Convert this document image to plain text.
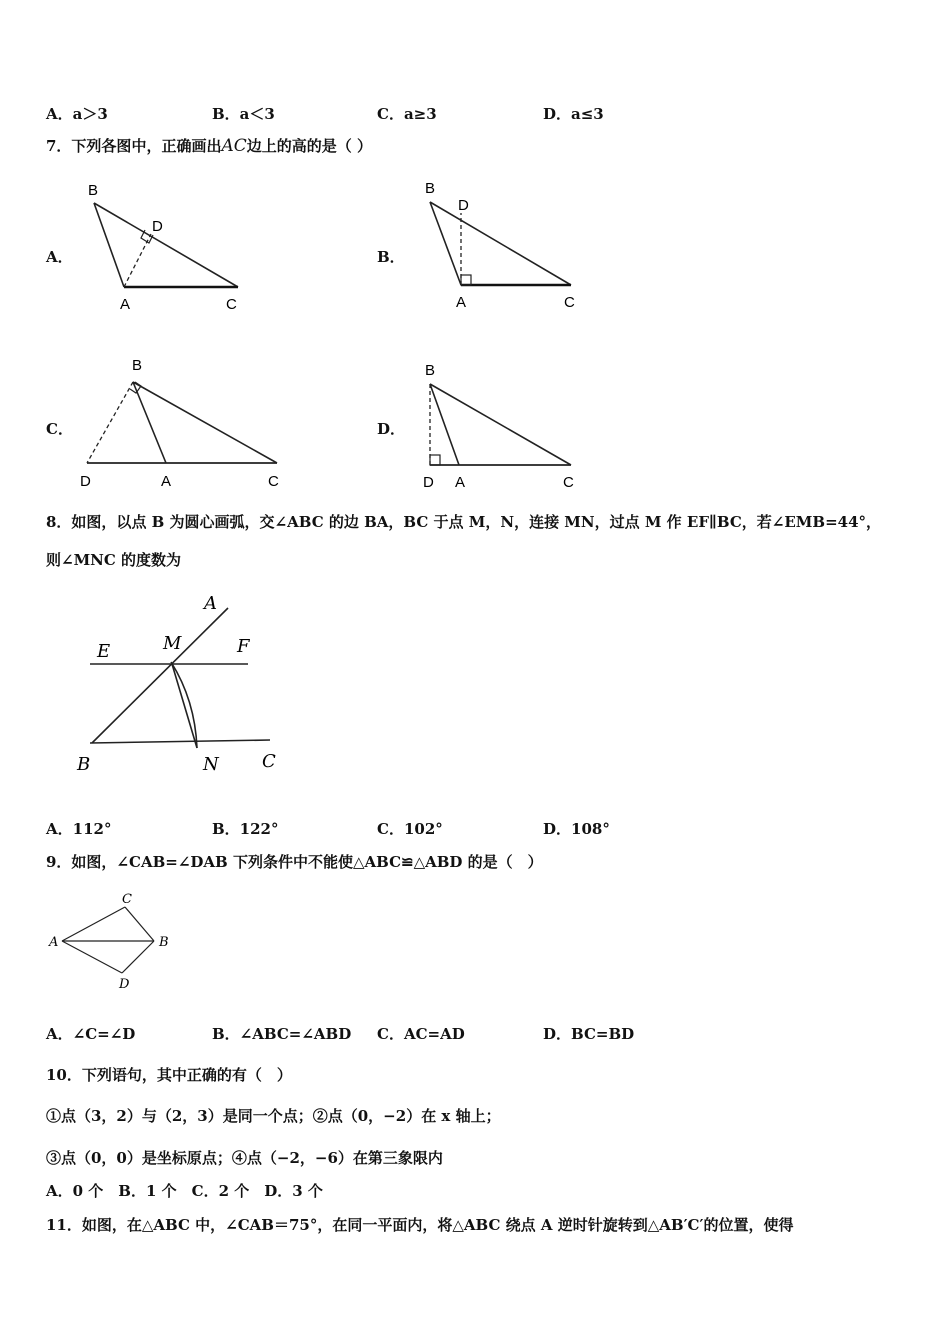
A．a＞3	B．a＜3	C．a≥3	D．a≤3
7．下列各图中，正确画出AC边上的高的是（ ）
A．	B．
C．	D．
B
D
A	C
B
D
A	C
B
D	A	C
B
D A	C
8．如图，以点 B 为圆心画弧，交∠ABC 的边 BA，BC 于点 M，N，连接 MN，过点 M 作 EF∥BC，若∠EMB=44°，
则∠MNC 的度数为
A
E	M	F
B	N C
A．112°	B．122°	C．102°	D．108°
9．如图，∠CAB=∠DAB 下列条件中不能使△ABC≌△ABD 的是（　）
C
A	B
D
A．∠C=∠D	B．∠ABC=∠ABD C．AC=AD	D．BC=BD
10．下列语句，其中正确的有（　）
①点（3，2）与（2，3）是同一个点；②点（0，−2）在 x 轴上；
③点（0，0）是坐标原点；④点（−2，−6）在第三象限内
A．0 个　B．1 个　C．2 个　D．3 个
11．如图，在△ABC 中，∠CAB＝75°，在同一平面内，将△ABC 绕点 A 逆时针旋转到△AB′C′的位置，使得
